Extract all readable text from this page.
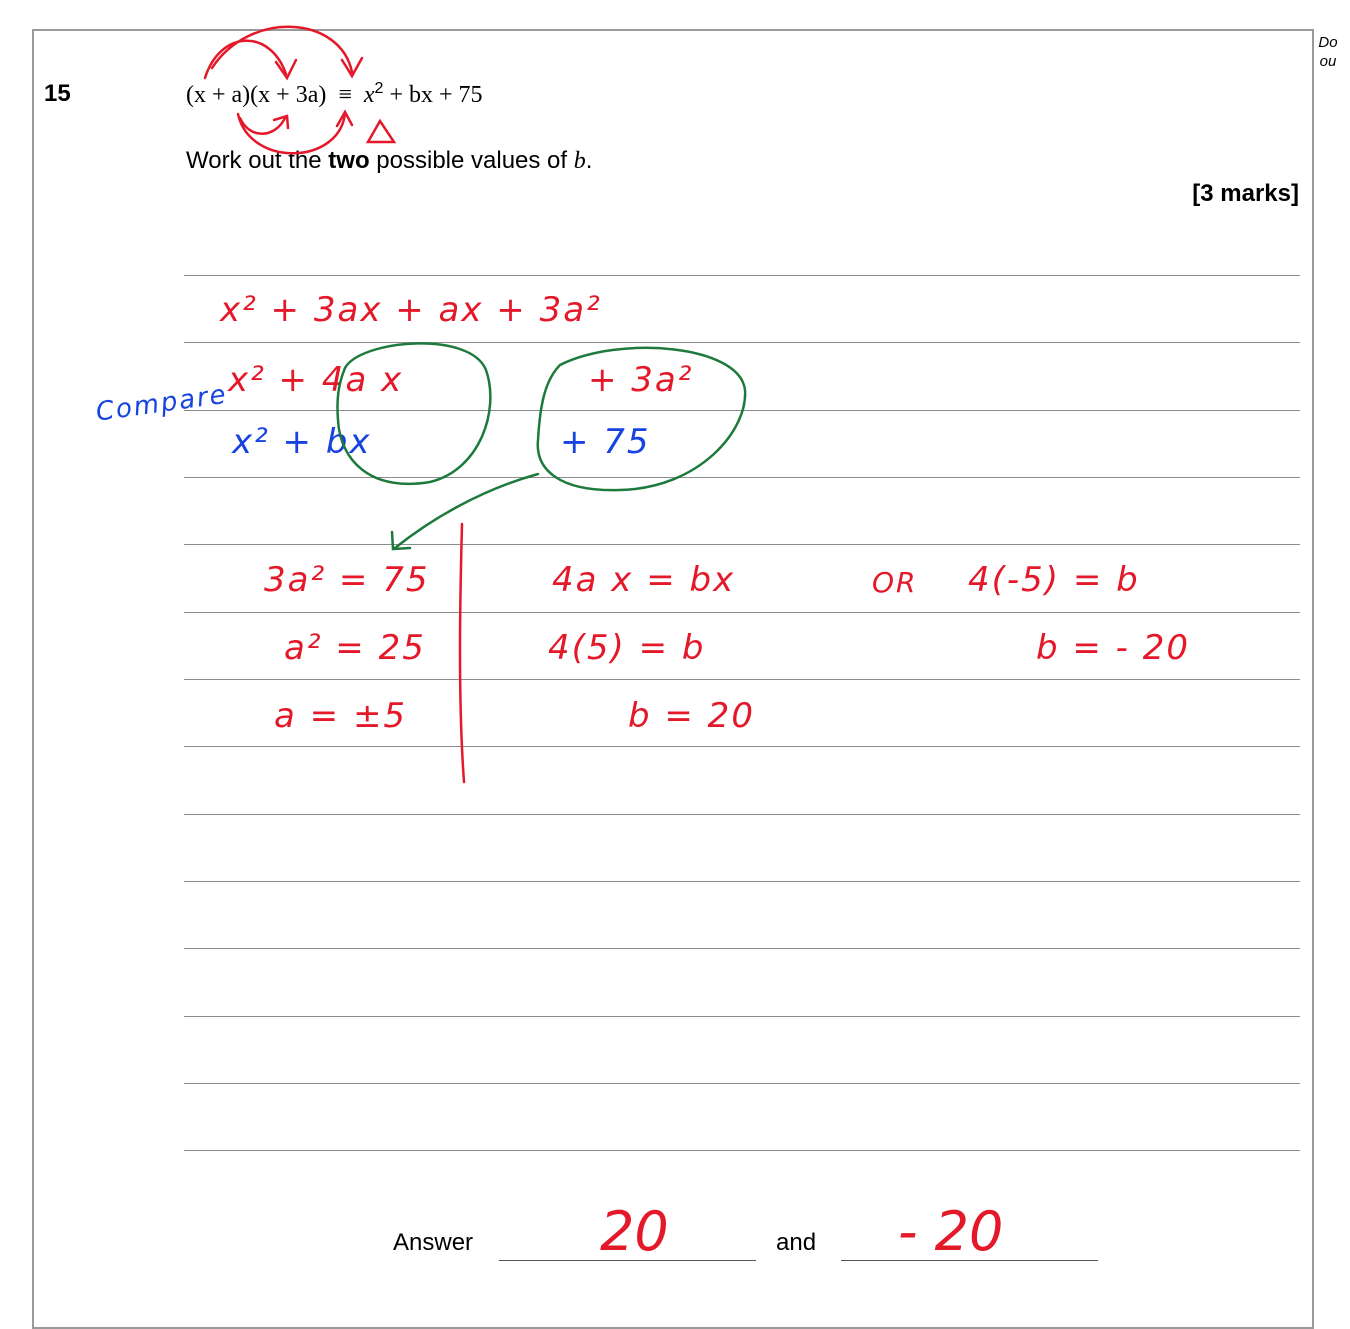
Do
ou
15	$(x + a)(x + 3a) \equiv x^2$ + bx + 75
Work out the two possible values of b.
[3 marks]
x² + 3ax + ax + 3a²
x² + 4a x	+ 3a²
Compare
x² + bx	+ 75
3a² = 75
a² = 25
a = ±5
4a x = bx
4(5) = b
b = 20
OR 4(-5) = b
b = - 20
Answer 20	and - 20
